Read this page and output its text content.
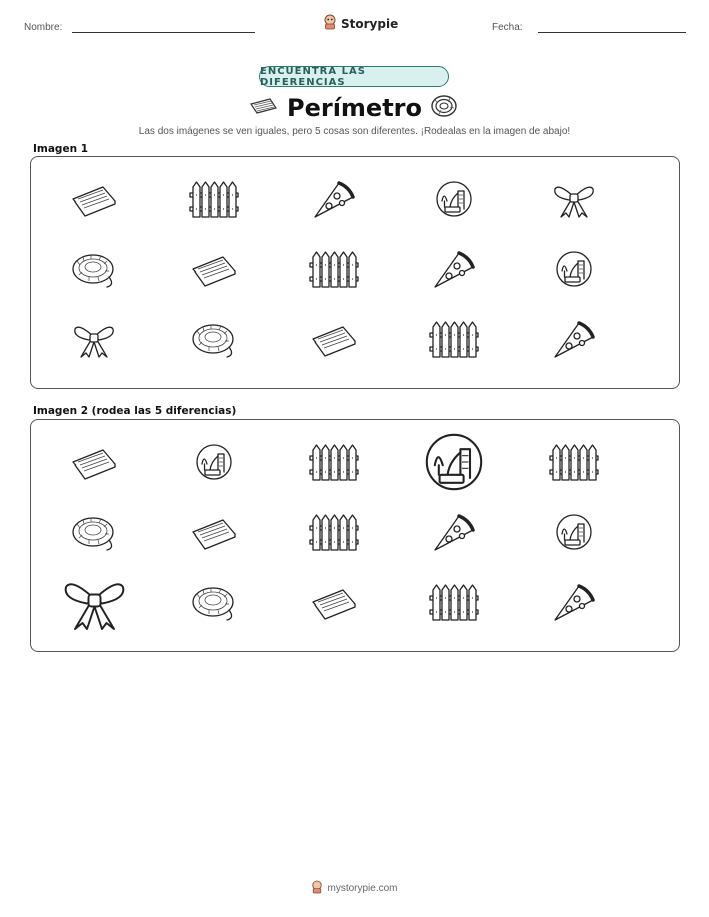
Nombre:	Storypie	Fecha:
ENCUENTRA LAS DIFERENCIAS
Perímetro
Las dos imágenes se ven iguales, pero 5 cosas son diferentes. ¡Rodealas en la imagen de abajo!
Imagen 1
Imagen 2 (rodea las 5 diferencias)
mystorypie.com
